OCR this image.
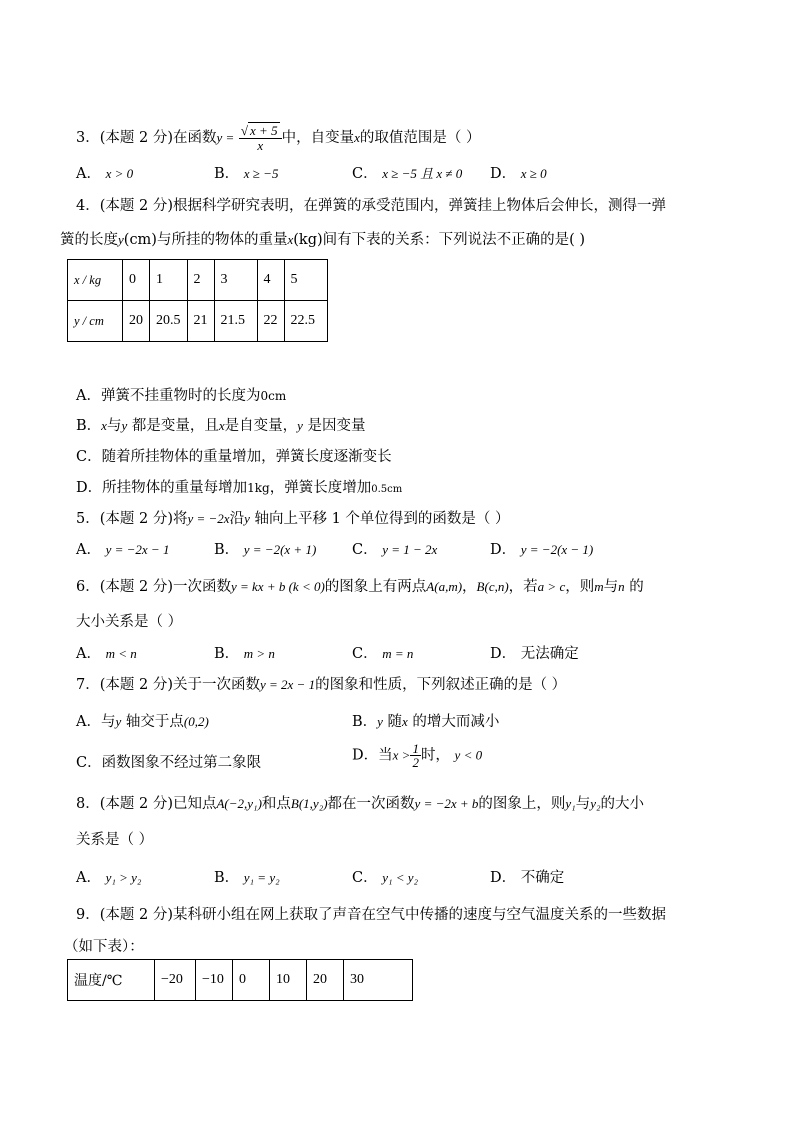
3．(本题 2 分)在函数$y = \frac{√ x + 5}{x}$ 中，自变量x的取值范围是（ ）
A． x > 0	B． x ≥ −5	C． x ≥ −5 且 x ≠ 0 D． x ≥ 0
4．(本题 2 分)根据科学研究表明，在弹簧的承受范围内，弹簧挂上物体后会伸长，测得一弹
簧的长度y(cm)与所挂的物体的重量x(kg)间有下表的关系：下列说法不正确的是( )
x / kg	0	1	2	3	4	5
y / cm	20	20.5	21	21.5	22	22.5
A．弹簧不挂重物时的长度为0cm
B．x与y 都是变量，且x是自变量，y 是因变量
C．随着所挂物体的重量增加，弹簧长度逐渐变长
D．所挂物体的重量每增加1kg，弹簧长度增加0.5cm
5．(本题 2 分)将y = −2x沿y 轴向上平移 1 个单位得到的函数是（ ）
A． y = −2x − 1	B． y = −2(x + 1) C． y = 1 − 2x	D． y = −2(x − 1)
6．(本题 2 分)一次函数y = kx + b (k < 0)的图象上有两点A(a,m)，B(c,n)，若a > c，则m与n 的
大小关系是（ ）
A． m < n	B． m > n	C． m = n	D． 无法确定
7．(本题 2 分)关于一次函数y = 2x − 1的图象和性质，下列叙述正确的是（ ）
A．与y 轴交于点(0,2)	B．y 随x 的增大而减小
C．函数图象不经过第二象限	D．当$x > \frac{1}{2}$ 时， y < 0
8．(本题 2 分)已知点A(−2,y₁)和点B(1,y₂)都在一次函数y = −2x + b的图象上，则y₁与y₂的大小
关系是（ ）
A． y₁ > y₂	B． y₁ = y₂	C． y₁ < y₂	D． 不确定
9．(本题 2 分)某科研小组在网上获取了声音在空气中传播的速度与空气温度关系的一些数据
（如下表）：
温度/℃	−20	−10	0	10	20	30
